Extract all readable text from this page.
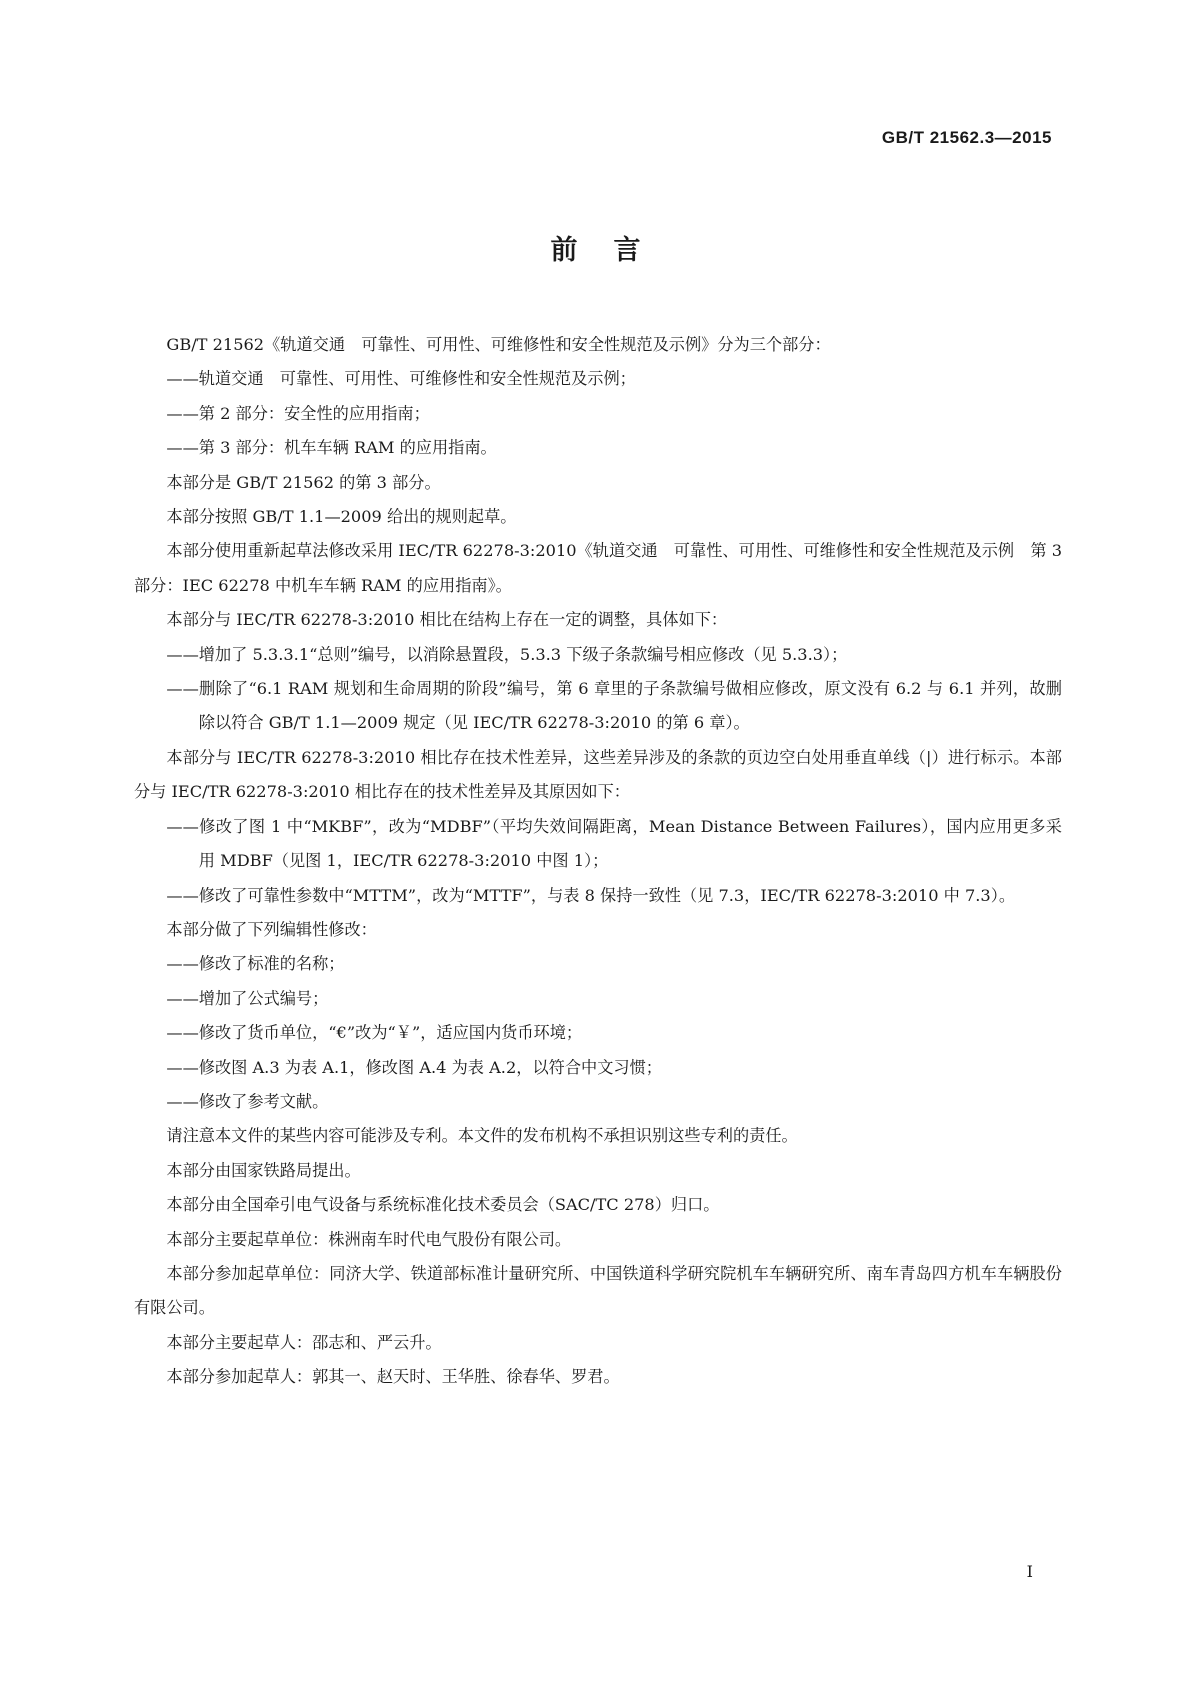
GB/T 21562.3—2015
前言

GB/T 21562《轨道交通　可靠性、可用性、可维修性和安全性规范及示例》分为三个部分：

——轨道交通　可靠性、可用性、可维修性和安全性规范及示例；

——第 2 部分：安全性的应用指南；

——第 3 部分：机车车辆 RAM 的应用指南。

本部分是 GB/T 21562 的第 3 部分。

本部分按照 GB/T 1.1—2009 给出的规则起草。

本部分使用重新起草法修改采用 IEC/TR 62278-3:2010《轨道交通　可靠性、可用性、可维修性和安全性规范及示例　第 3 部分：IEC 62278 中机车车辆 RAM 的应用指南》。

本部分与 IEC/TR 62278-3:2010 相比在结构上存在一定的调整，具体如下：

——增加了 5.3.3.1“总则”编号，以消除悬置段，5.3.3 下级子条款编号相应修改（见 5.3.3）；

——删除了“6.1 RAM 规划和生命周期的阶段”编号，第 6 章里的子条款编号做相应修改，原文没有 6.2 与 6.1 并列，故删除以符合 GB/T 1.1—2009 规定（见 IEC/TR 62278-3:2010 的第 6 章）。

本部分与 IEC/TR 62278-3:2010 相比存在技术性差异，这些差异涉及的条款的页边空白处用垂直单线（|）进行标示。本部分与 IEC/TR 62278-3:2010 相比存在的技术性差异及其原因如下：

——修改了图 1 中“MKBF”，改为“MDBF”（平均失效间隔距离，Mean Distance Between Failures），国内应用更多采用 MDBF（见图 1，IEC/TR 62278-3:2010 中图 1）；

——修改了可靠性参数中“MTTM”，改为“MTTF”，与表 8 保持一致性（见 7.3，IEC/TR 62278-3:2010 中 7.3）。

本部分做了下列编辑性修改：

——修改了标准的名称；

——增加了公式编号；

——修改了货币单位，“€”改为“￥”，适应国内货币环境；

——修改图 A.3 为表 A.1，修改图 A.4 为表 A.2，以符合中文习惯；

——修改了参考文献。

请注意本文件的某些内容可能涉及专利。本文件的发布机构不承担识别这些专利的责任。

本部分由国家铁路局提出。

本部分由全国牵引电气设备与系统标准化技术委员会（SAC/TC 278）归口。

本部分主要起草单位：株洲南车时代电气股份有限公司。

本部分参加起草单位：同济大学、铁道部标准计量研究所、中国铁道科学研究院机车车辆研究所、南车青岛四方机车车辆股份有限公司。

本部分主要起草人：邵志和、严云升。

本部分参加起草人：郭其一、赵天时、王华胜、徐春华、罗君。

I
